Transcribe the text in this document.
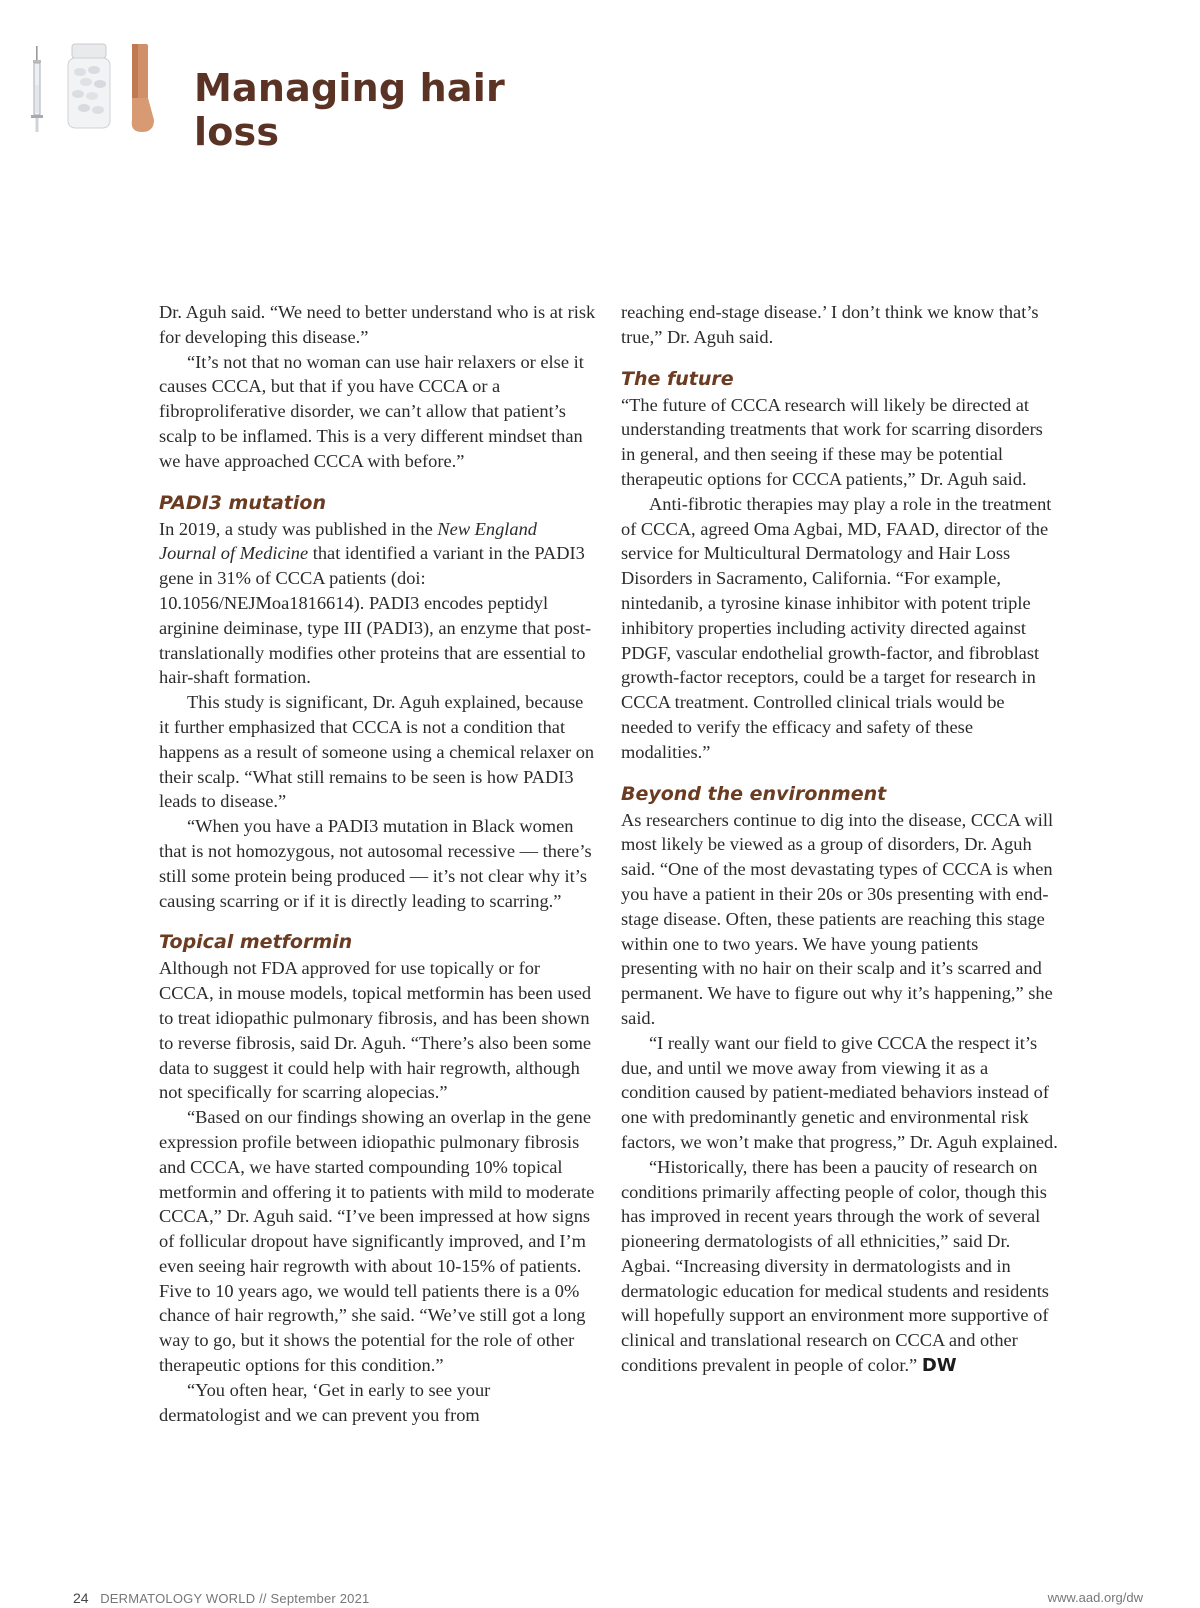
Managing hair loss

Dr. Aguh said. “We need to better understand who is at risk for developing this disease.”

“It’s not that no woman can use hair relaxers or else it causes CCCA, but that if you have CCCA or a fibroproliferative disorder, we can’t allow that patient’s scalp to be inflamed. This is a very different mindset than we have approached CCCA with before.”

PADI3 mutation

In 2019, a study was published in the New England Journal of Medicine that identified a variant in the PADI3 gene in 31% of CCCA patients (doi: 10.1056/NEJMoa1816614). PADI3 encodes peptidyl arginine deiminase, type III (PADI3), an enzyme that post-translationally modifies other proteins that are essential to hair-shaft formation.

This study is significant, Dr. Aguh explained, because it further emphasized that CCCA is not a condition that happens as a result of someone using a chemical relaxer on their scalp. “What still remains to be seen is how PADI3 leads to disease.”

“When you have a PADI3 mutation in Black women that is not homozygous, not autosomal recessive — there’s still some protein being produced — it’s not clear why it’s causing scarring or if it is directly leading to scarring.”

Topical metformin

Although not FDA approved for use topically or for CCCA, in mouse models, topical metformin has been used to treat idiopathic pulmonary fibrosis, and has been shown to reverse fibrosis, said Dr. Aguh. “There’s also been some data to suggest it could help with hair regrowth, although not specifically for scarring alopecias.”

“Based on our findings showing an overlap in the gene expression profile between idiopathic pulmonary fibrosis and CCCA, we have started compounding 10% topical metformin and offering it to patients with mild to moderate CCCA,” Dr. Aguh said. “I’ve been impressed at how signs of follicular dropout have significantly improved, and I’m even seeing hair regrowth with about 10-15% of patients. Five to 10 years ago, we would tell patients there is a 0% chance of hair regrowth,” she said. “We’ve still got a long way to go, but it shows the potential for the role of other therapeutic options for this condition.”

“You often hear, ‘Get in early to see your dermatologist and we can prevent you from

reaching end-stage disease.’ I don’t think we know that’s true,” Dr. Aguh said.

The future

“The future of CCCA research will likely be directed at understanding treatments that work for scarring disorders in general, and then seeing if these may be potential therapeutic options for CCCA patients,” Dr. Aguh said.

Anti-fibrotic therapies may play a role in the treatment of CCCA, agreed Oma Agbai, MD, FAAD, director of the service for Multicultural Dermatology and Hair Loss Disorders in Sacramento, California. “For example, nintedanib, a tyrosine kinase inhibitor with potent triple inhibitory properties including activity directed against PDGF, vascular endothelial growth-factor, and fibroblast growth-factor receptors, could be a target for research in CCCA treatment. Controlled clinical trials would be needed to verify the efficacy and safety of these modalities.”

Beyond the environment

As researchers continue to dig into the disease, CCCA will most likely be viewed as a group of disorders, Dr. Aguh said. “One of the most devastating types of CCCA is when you have a patient in their 20s or 30s presenting with end-stage disease. Often, these patients are reaching this stage within one to two years. We have young patients presenting with no hair on their scalp and it’s scarred and permanent. We have to figure out why it’s happening,” she said.

“I really want our field to give CCCA the respect it’s due, and until we move away from viewing it as a condition caused by patient-mediated behaviors instead of one with predominantly genetic and environmental risk factors, we won’t make that progress,” Dr. Aguh explained.

“Historically, there has been a paucity of research on conditions primarily affecting people of color, though this has improved in recent years through the work of several pioneering dermatologists of all ethnicities,” said Dr. Agbai. “Increasing diversity in dermatologists and in dermatologic education for medical students and residents will hopefully support an environment more supportive of clinical and translational research on CCCA and other conditions prevalent in people of color.” DW

24 DERMATOLOGY WORLD // September 2021	www.aad.org/dw
